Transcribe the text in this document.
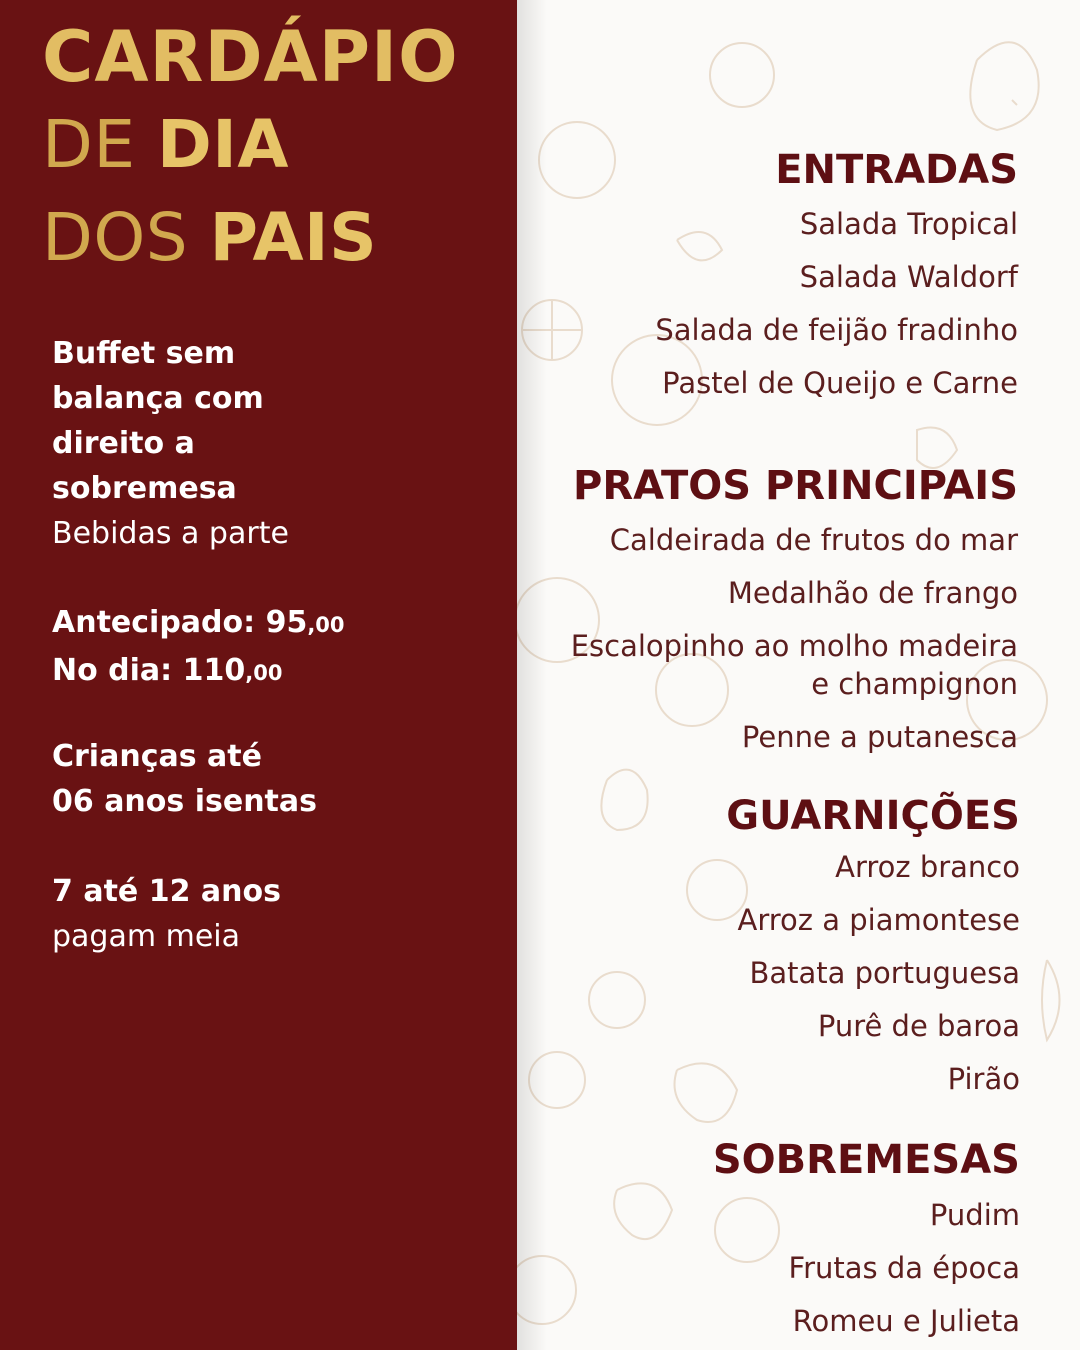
CARDÁPIO
DE DIA
DOS PAIS
Buffet sem
balança com
direito a
sobremesa
Bebidas a parte
Antecipado: 95,00
No dia: 110,00
Crianças até
06 anos isentas
7 até 12 anos
pagam meia
ENTRADAS
Salada Tropical
Salada Waldorf
Salada de feijão fradinho
Pastel de Queijo e Carne
PRATOS PRINCIPAIS
Caldeirada de frutos do mar
Medalhão de frango
Escalopinho ao molho madeira
e champignon
Penne a putanesca
GUARNIÇÕES
Arroz branco
Arroz a piamontese
Batata portuguesa
Purê de baroa
Pirão
SOBREMESAS
Pudim
Frutas da época
Romeu e Julieta
